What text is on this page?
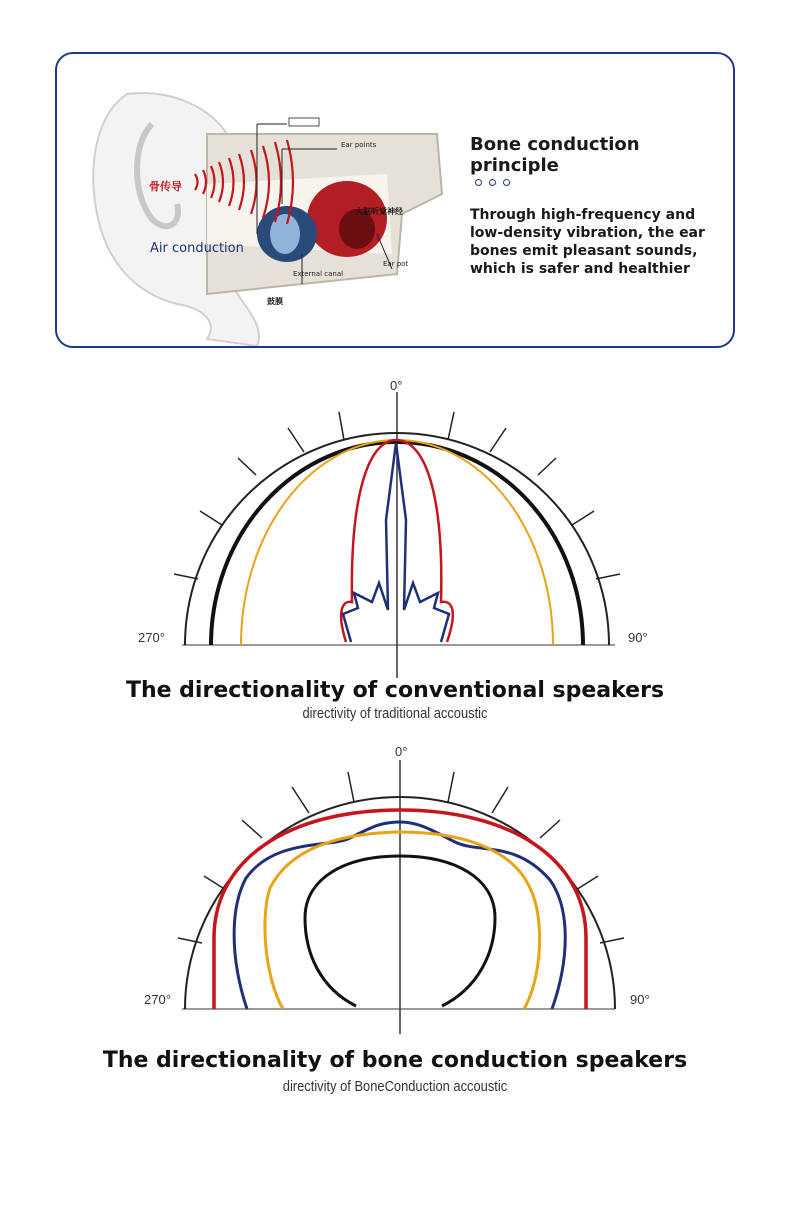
骨传导
Air conduction
Ear points
大脑听觉神经
Ear pot
鼓膜
External canal
Bone conduction principle
Through high-frequency and low-density vibration, the ear bones emit pleasant sounds, which is safer and healthier
0°
270°	90°
The directionality of conventional speakers
directivity of traditional accoustic
0°
270°	90°
The directionality of bone conduction speakers
directivity of BoneConduction accoustic
